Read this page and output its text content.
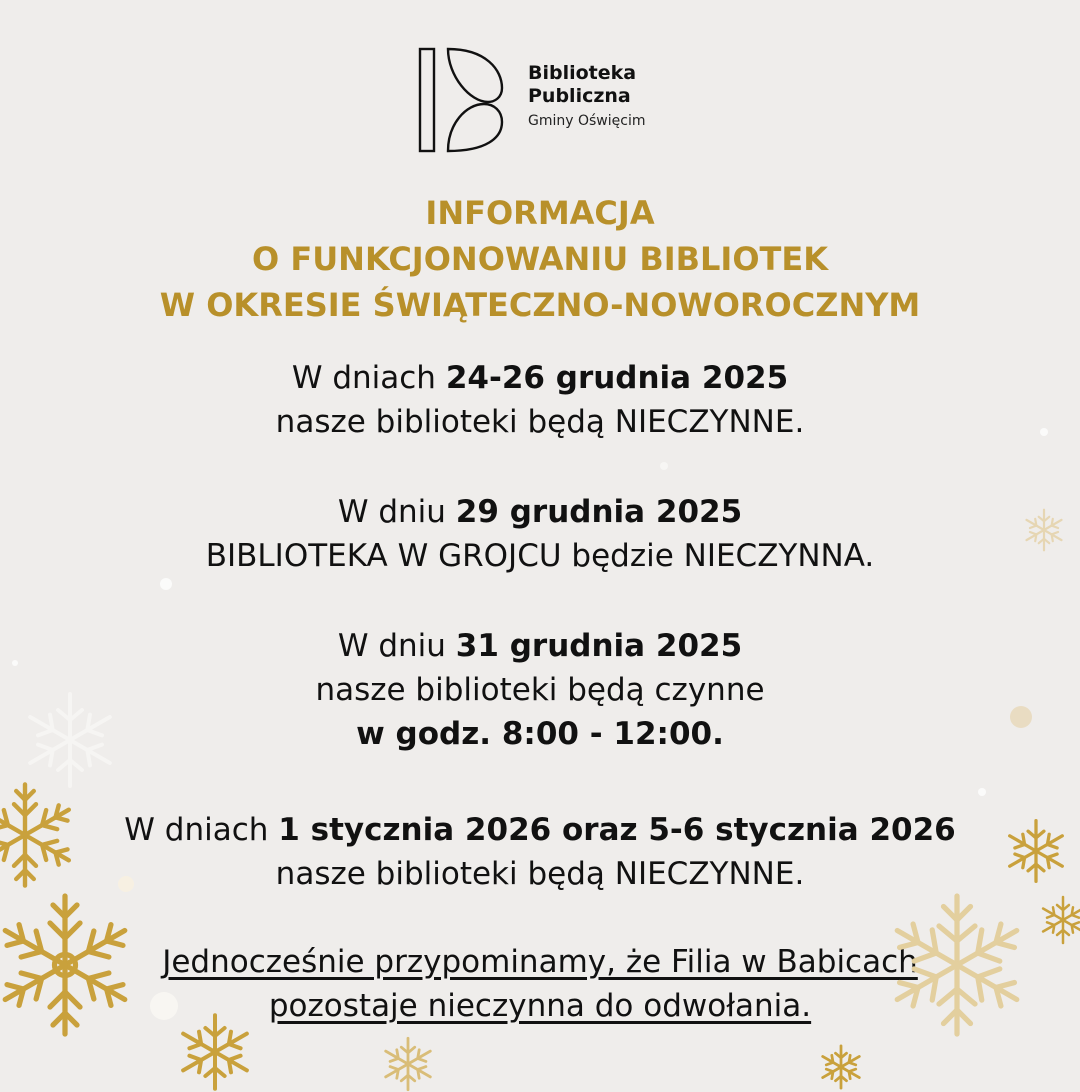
Biblioteka
Publiczna
Gminy Oświęcim
INFORMACJA
O FUNKCJONOWANIU BIBLIOTEK
W OKRESIE ŚWIĄTECZNO-NOWOROCZNYM
W dniach 24-26 grudnia 2025
nasze biblioteki będą NIECZYNNE.
W dniu 29 grudnia 2025
BIBLIOTEKA W GROJCU będzie NIECZYNNA.
W dniu 31 grudnia 2025
nasze biblioteki będą czynne
w godz. 8:00 - 12:00.
W dniach 1 stycznia 2026 oraz 5-6 stycznia 2026
nasze biblioteki będą NIECZYNNE.
Jednocześnie przypominamy, że Filia w Babicach
pozostaje nieczynna do odwołania.
